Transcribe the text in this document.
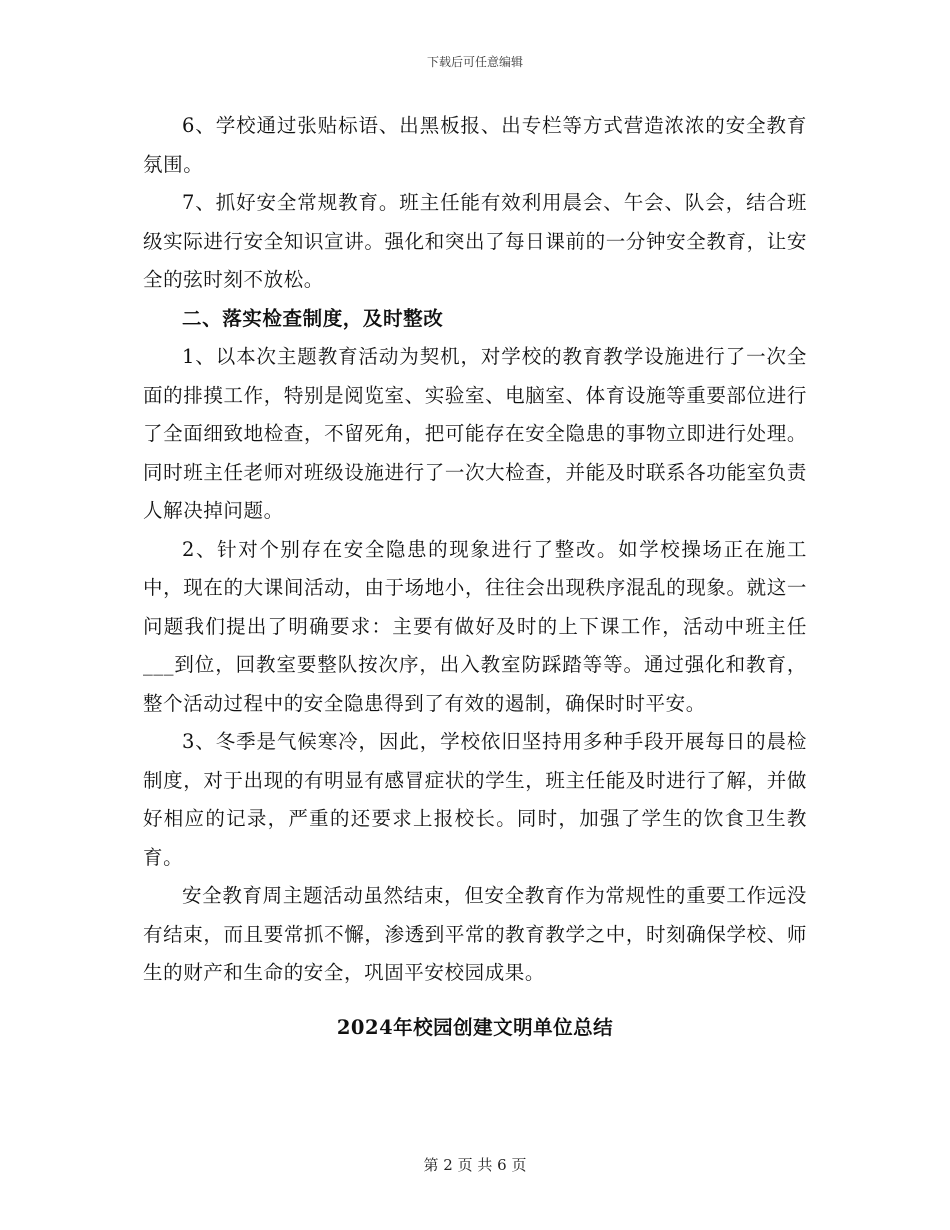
下载后可任意编辑

6、学校通过张贴标语、出黑板报、出专栏等方式营造浓浓的安全教育氛围。

7、抓好安全常规教育。班主任能有效利用晨会、午会、队会，结合班级实际进行安全知识宣讲。强化和突出了每日课前的一分钟安全教育，让安全的弦时刻不放松。

二、落实检查制度，及时整改

1、以本次主题教育活动为契机，对学校的教育教学设施进行了一次全面的排摸工作，特别是阅览室、实验室、电脑室、体育设施等重要部位进行了全面细致地检查，不留死角，把可能存在安全隐患的事物立即进行处理。同时班主任老师对班级设施进行了一次大检查，并能及时联系各功能室负责人解决掉问题。

2、针对个别存在安全隐患的现象进行了整改。如学校操场正在施工中，现在的大课间活动，由于场地小，往往会出现秩序混乱的现象。就这一问题我们提出了明确要求：主要有做好及时的上下课工作，活动中班主任___到位，回教室要整队按次序，出入教室防踩踏等等。通过强化和教育，整个活动过程中的安全隐患得到了有效的遏制，确保时时平安。

3、冬季是气候寒冷，因此，学校依旧坚持用多种手段开展每日的晨检制度，对于出现的有明显有感冒症状的学生，班主任能及时进行了解，并做好相应的记录，严重的还要求上报校长。同时，加强了学生的饮食卫生教育。

安全教育周主题活动虽然结束，但安全教育作为常规性的重要工作远没有结束，而且要常抓不懈，渗透到平常的教育教学之中，时刻确保学校、师生的财产和生命的安全，巩固平安校园成果。

2024年校园创建文明单位总结
第 2 页 共 6 页
